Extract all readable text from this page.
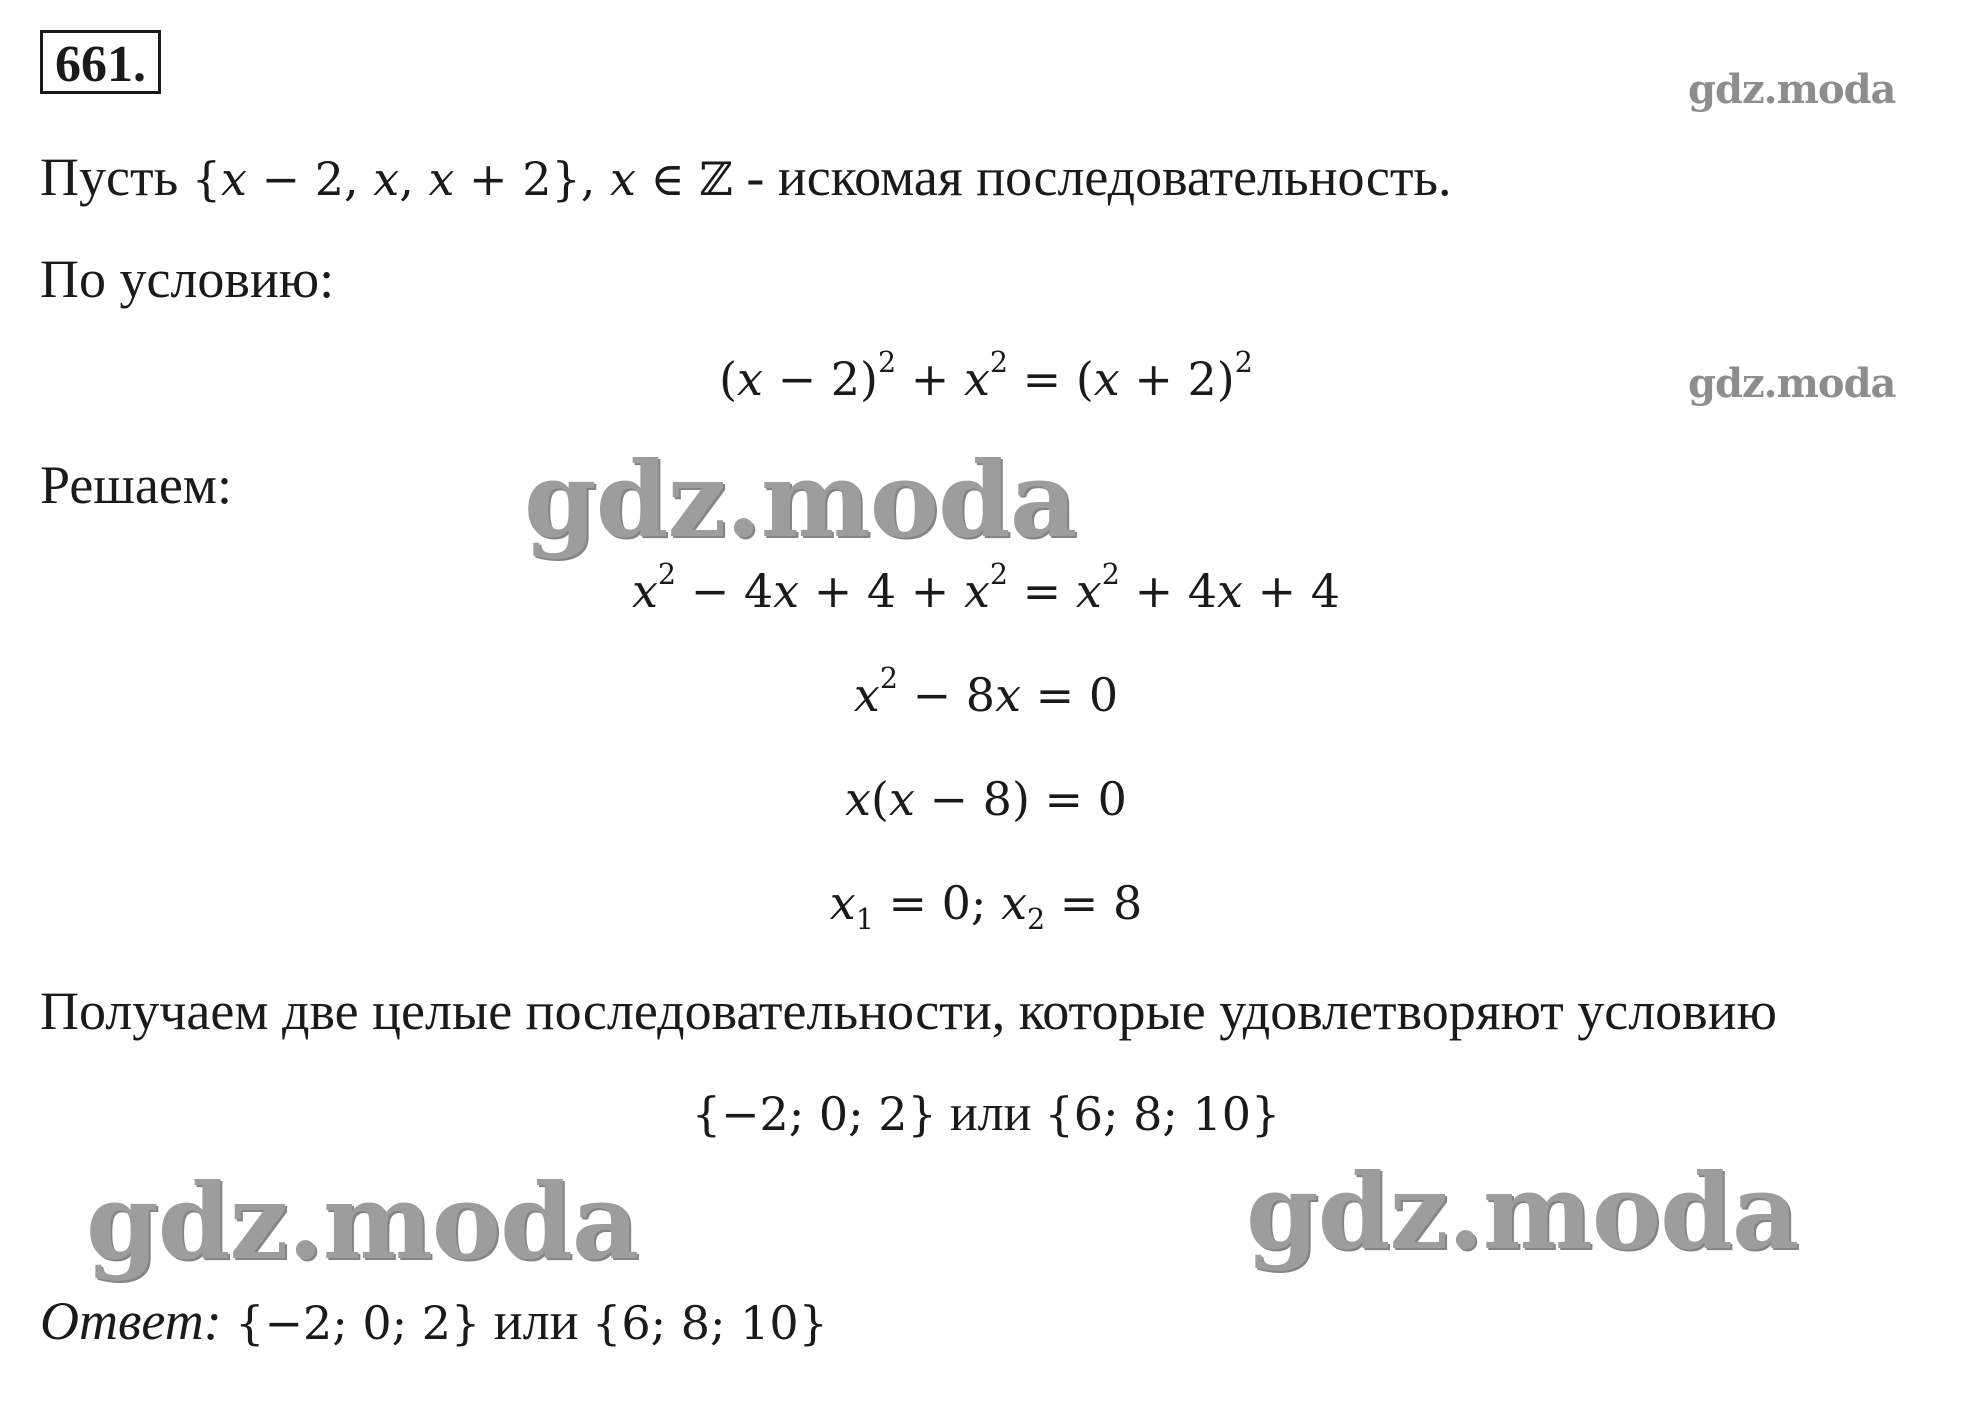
661.	gdz.moda
gdz.moda
gdz.moda
gdz.moda	gdz.moda
Пусть {x − 2, x, x + 2}, x ∈ ℤ - искомая последовательность.
По условию:
$(x - 2)^2 + x^2 = (x + 2)^2$
Решаем:
$x^2 - 4x + 4 + x^2 = x^2 + 4x + 4$
$x^2 - 8x = 0$
x(x − 8) = 0
$x_1 = 0$; $x_2 = 8$
Получаем две целые последовательности, которые удовлетворяют условию
{−2; 0; 2} или {6; 8; 10}
Ответ: {−2; 0; 2} или {6; 8; 10}
